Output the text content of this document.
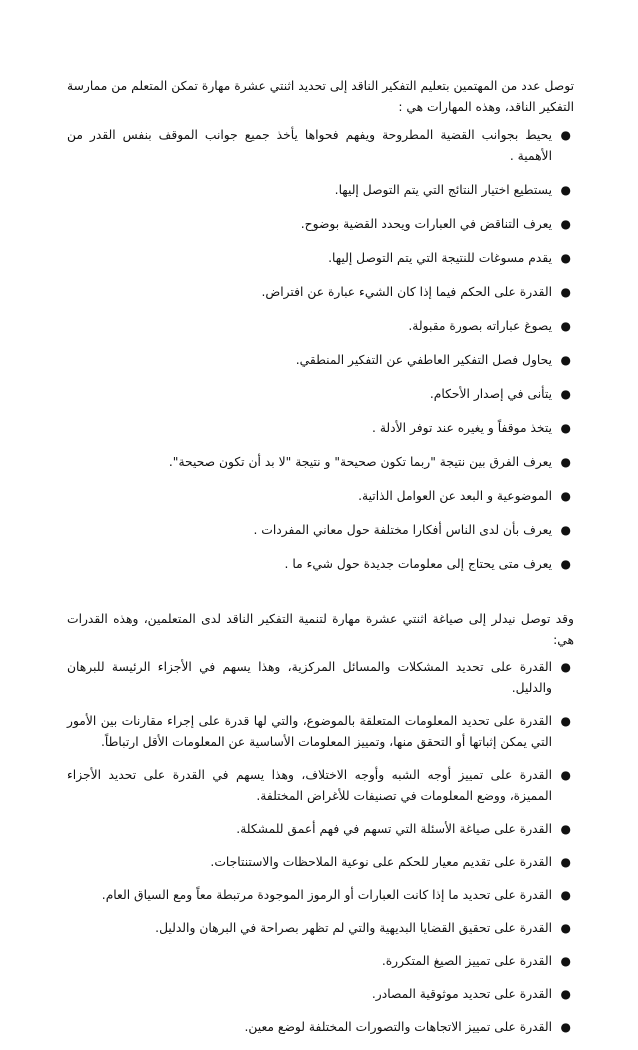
توصل عدد من المهتمين بتعليم التفكير الناقد إلى تحديد اثنتي عشرة مهارة تمكن المتعلم من ممارسة التفكير الناقد، وهذه المهارات هي :

●
يحيط بجوانب القضية المطروحة ويفهم فحواها يأخذ جميع جوانب الموقف بنفس القدر من الأهمية .
●
يستطيع اختيار النتائج التي يتم التوصل إليها.
●
يعرف التناقض في العبارات ويحدد القضية بوضوح.
●
يقدم مسوغات للنتيجة التي يتم التوصل إليها.
●
القدرة على الحكم فيما إذا كان الشيء عبارة عن افتراض.
●
يصوغ عباراته بصورة مقبولة.
●
يحاول فصل التفكير العاطفي عن التفكير المنطقي.
●
يتأنى في إصدار الأحكام.
●
يتخذ موقفاً و يغيره عند توفر الأدلة .
●
يعرف الفرق بين نتيجة "ربما تكون صحيحة" و نتيجة "لا بد أن تكون صحيحة".
●
الموضوعية و البعد عن العوامل الذاتية.
●
يعرف بأن لدى الناس أفكارا مختلفة حول معاني المفردات .
●
يعرف متى يحتاج إلى معلومات جديدة حول شيء ما .

وقد توصل نيدلر إلى صياغة اثنتي عشرة مهارة لتنمية التفكير الناقد لدى المتعلمين، وهذه القدرات هي:

●
القدرة على تحديد المشكلات والمسائل المركزية، وهذا يسهم في الأجزاء الرئيسة للبرهان والدليل.
●
القدرة على تحديد المعلومات المتعلقة بالموضوع، والتي لها قدرة على إجراء مقارنات بين الأمور التي يمكن إثباتها أو التحقق منها، وتمييز المعلومات الأساسية عن المعلومات الأقل ارتباطاً.
●
القدرة على تمييز أوجه الشبه وأوجه الاختلاف، وهذا يسهم في القدرة على تحديد الأجزاء المميزة، ووضع المعلومات في تصنيفات للأغراض المختلفة.
●
القدرة على صياغة الأسئلة التي تسهم في فهم أعمق للمشكلة.
●
القدرة على تقديم معيار للحكم على نوعية الملاحظات والاستنتاجات.
●
القدرة على تحديد ما إذا كانت العبارات أو الرموز الموجودة مرتبطة معاً ومع السياق العام.
●
القدرة على تحقيق القضايا البديهية والتي لم تظهر بصراحة في البرهان والدليل.
●
القدرة على تمييز الصيغ المتكررة.
●
القدرة على تحديد موثوقية المصادر.
●
القدرة على تمييز الاتجاهات والتصورات المختلفة لوضع معين.
